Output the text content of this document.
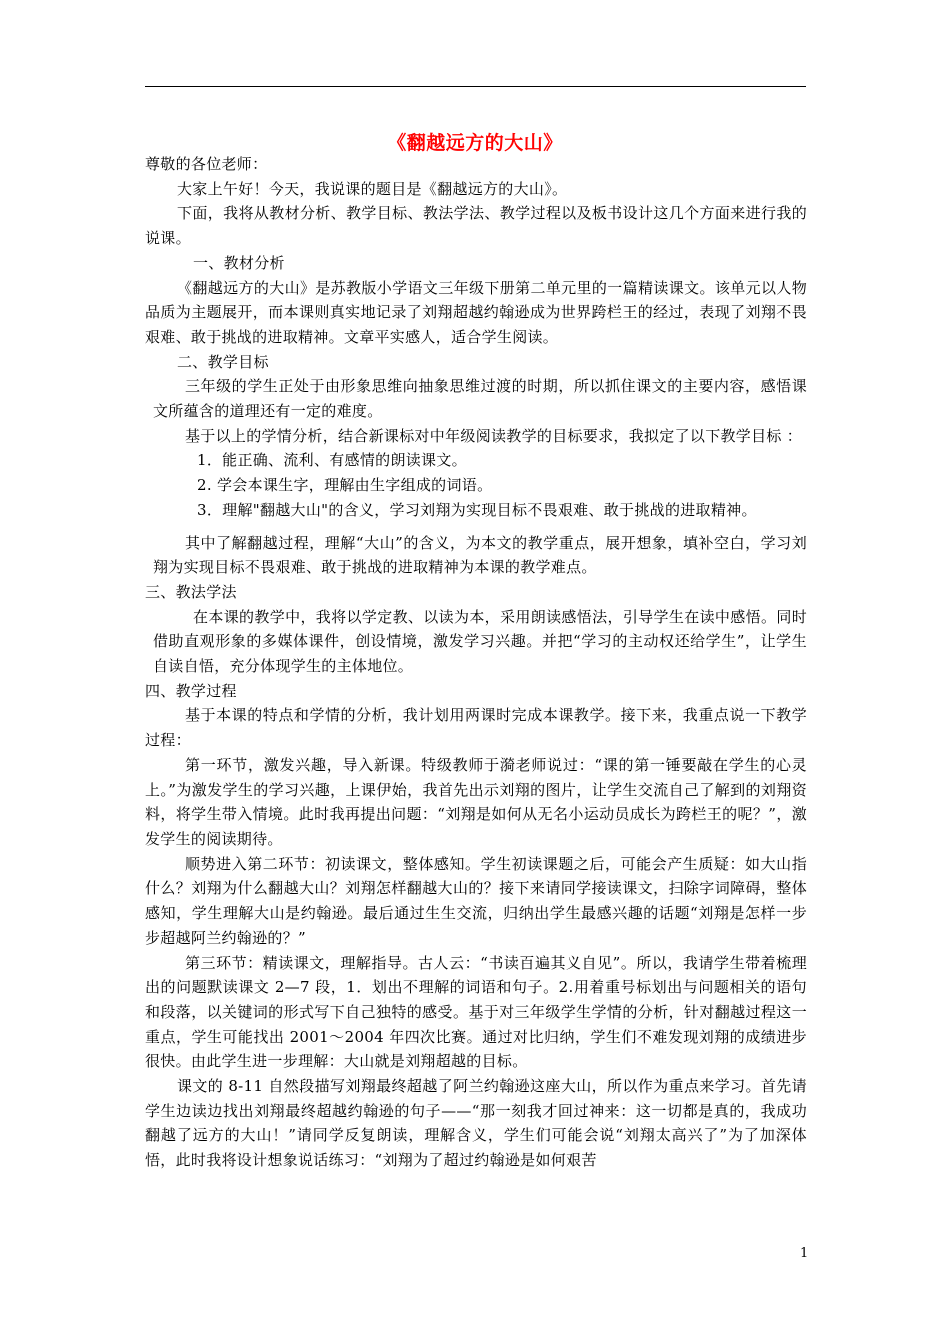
《翻越远方的大山》

尊敬的各位老师：

大家上午好！今天，我说课的题目是《翻越远方的大山》。

下面，我将从教材分析、教学目标、教法学法、教学过程以及板书设计这几个方面来进行我的说课。

一、教材分析

《翻越远方的大山》是苏教版小学语文三年级下册第二单元里的一篇精读课文。该单元以人物品质为主题展开，而本课则真实地记录了刘翔超越约翰逊成为世界跨栏王的经过，表现了刘翔不畏艰难、敢于挑战的进取精神。文章平实感人，适合学生阅读。

二、教学目标

三年级的学生正处于由形象思维向抽象思维过渡的时期，所以抓住课文的主要内容，感悟课文所蕴含的道理还有一定的难度。

基于以上的学情分析，结合新课标对中年级阅读教学的目标要求，我拟定了以下教学目标 ：

1．能正确、流利、有感情的朗读课文。

2. 学会本课生字，理解由生字组成的词语。

3．理解"翻越大山"的含义，学习刘翔为实现目标不畏艰难、敢于挑战的进取精神。

其中了解翻越过程，理解“大山”的含义，为本文的教学重点，展开想象，填补空白，学习刘翔为实现目标不畏艰难、敢于挑战的进取精神为本课的教学难点。

三、教法学法

在本课的教学中，我将以学定教、以读为本，采用朗读感悟法，引导学生在读中感悟。同时借助直观形象的多媒体课件，创设情境，激发学习兴趣。并把“学习的主动权还给学生”，让学生自读自悟，充分体现学生的主体地位。

四、教学过程

基于本课的特点和学情的分析，我计划用两课时完成本课教学。接下来，我重点说一下教学过程：

第一环节，激发兴趣，导入新课。特级教师于漪老师说过：“课的第一锤要敲在学生的心灵上。”为激发学生的学习兴趣，上课伊始，我首先出示刘翔的图片，让学生交流自己了解到的刘翔资料，将学生带入情境。此时我再提出问题：“刘翔是如何从无名小运动员成长为跨栏王的呢？”，激发学生的阅读期待。

顺势进入第二环节：初读课文，整体感知。学生初读课题之后，可能会产生质疑：如大山指什么？刘翔为什么翻越大山？刘翔怎样翻越大山的？接下来请同学接读课文，扫除字词障碍，整体感知，学生理解大山是约翰逊。最后通过生生交流，归纳出学生最感兴趣的话题“刘翔是怎样一步步超越阿兰约翰逊的？”

第三环节：精读课文，理解指导。古人云：“书读百遍其义自见”。所以，我请学生带着梳理出的问题默读课文 2—7 段，1．划出不理解的词语和句子。2.用着重号标划出与问题相关的语句和段落，以关键词的形式写下自己独特的感受。基于对三年级学生学情的分析，针对翻越过程这一重点，学生可能找出 2001～2004 年四次比赛。通过对比归纳，学生们不难发现刘翔的成绩进步很快。由此学生进一步理解：大山就是刘翔超越的目标。

课文的 8-11 自然段描写刘翔最终超越了阿兰约翰逊这座大山，所以作为重点来学习。首先请学生边读边找出刘翔最终超越约翰逊的句子——“那一刻我才回过神来：这一切都是真的，我成功翻越了远方的大山！”请同学反复朗读，理解含义，学生们可能会说“刘翔太高兴了”为了加深体悟，此时我将设计想象说话练习：“刘翔为了超过约翰逊是如何艰苦

1
